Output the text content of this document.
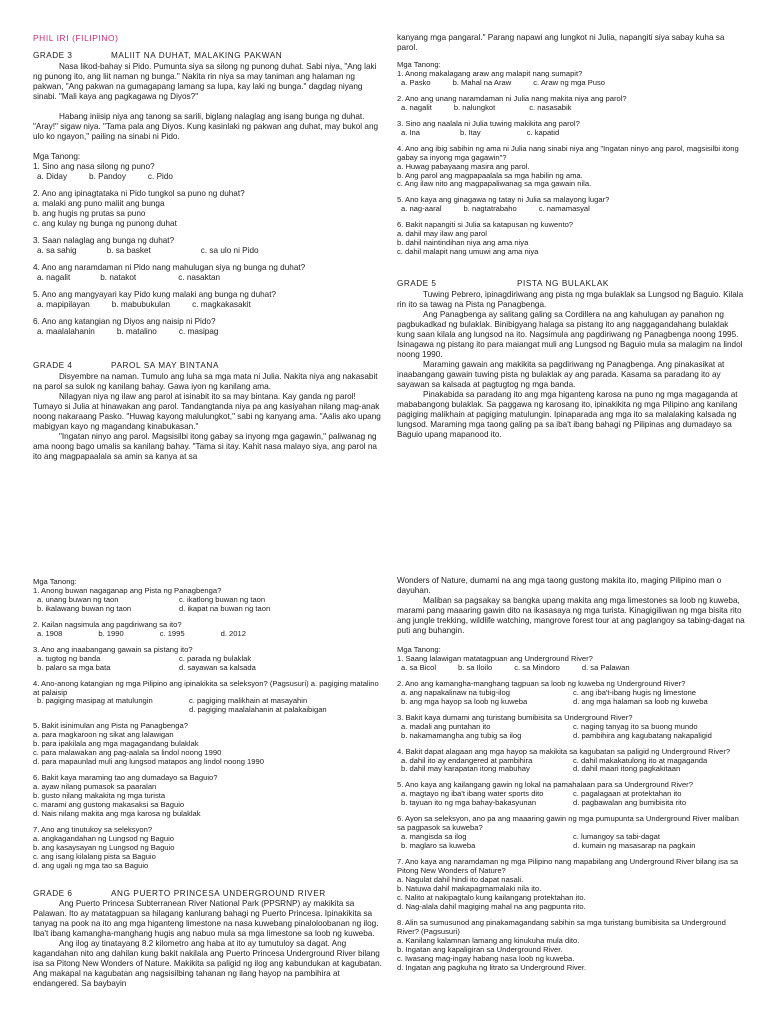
PHIL IRI (FILIPINO)
GRADE 3	MALIIT NA DUHAT, MALAKING PAKWAN

Nasa likod-bahay si Pido. Pumunta siya sa silong ng punong duhat. Sabi niya, "Ang laki ng punong ito, ang liit naman ng bunga." Nakita rin niya sa may taniman ang halaman ng pakwan, "Ang pakwan na gumagapang lamang sa lupa, kay laki ng bunga." dagdag niyang sinabi. "Mali kaya ang pagkagawa ng Diyos?"

Habang iniisip niya ang tanong sa sarili, biglang nalaglag ang isang bunga ng duhat. "Aray!" sigaw niya. "Tama pala ang Diyos. Kung kasinlaki ng pakwan ang duhat, may bukol ang ulo ko ngayon," pailing na sinabi ni Pido.

Mga Tanong:

1. Sino ang nasa silong ng puno?

a. Diday	b. Pandoy	c. Pido

2. Ano ang ipinagtataka ni Pido tungkol sa puno ng duhat?

a. malaki ang puno maliit ang bunga

b. ang hugis ng prutas sa puno

c. ang kulay ng bunga ng punong duhat

3. Saan nalaglag ang bunga ng duhat?

a. sa sahig	b. sa basket	c. sa ulo ni Pido

4. Ano ang naramdaman ni Pido nang mahulugan siya ng bunga ng duhat?

a. nagalit	b. natakot	c. nasaktan

5. Ano ang mangyayari kay Pido kung malaki ang bunga ng duhat?

a. mapipilayan	b. mabubukulan	c. magkakasakit

6. Ano ang katangian ng Diyos ang naisip ni Pido?

a. maalalahanin	b. matalino	c. masipag
GRADE 4	PAROL SA MAY BINTANA

Disyembre na naman. Tumulo ang luha sa mga mata ni Julia. Nakita niya ang nakasabit na parol sa sulok ng kanilang bahay. Gawa iyon ng kanilang ama.

Nilagyan niya ng ilaw ang parol at isinabit ito sa may bintana. Kay ganda ng parol! Tumayo si Julia at hinawakan ang parol. Tandangtanda niya pa ang kasiyahan nilang mag-anak noong nakaraang Pasko. "Huwag kayong malulungkot," sabi ng kanyang ama. "Aalis ako upang mabigyan kayo ng magandang kinabukasan."

"Ingatan ninyo ang parol. Magsisilbi itong gabay sa inyong mga gagawin," paliwanag ng ama noong bago umalis sa kanilang bahay. "Tama si itay. Kahit nasa malayo siya, ang parol na ito ang magpapaalala sa amin sa kanya at sa

kanyang mga pangaral." Parang napawi ang lungkot ni Julia, napangiti siya sabay kuha sa parol.

Mga Tanong:

1. Anong makalagang araw ang malapit nang sumapit?

a. Pasko	b. Mahal na Araw	c. Araw ng mga Puso

2. Ano ang unang naramdaman ni Julia nang makita niya ang parol?

a. nagalit	b. nalungkot	c. nasasabik

3. Sino ang naalala ni Julia tuwing makikita ang parol?

a. Ina	b. Itay	c. kapatid

4. Ano ang ibig sabihin ng ama ni Julia nang sinabi niya ang "Ingatan ninyo ang parol, magsisilbi itong gabay sa inyong mga gagawin"?

a. Huwag pabayaang masira ang parol.

b. Ang parol ang magpapaalala sa mga habilin ng ama.

c. Ang ilaw nito ang magpapaliwanag sa mga gawain nila.

5. Ano kaya ang ginagawa ng tatay ni Julia sa malayong lugar?

a. nag-aaral	b. nagtatrabaho	c. namamasyal

6. Bakit napangiti si Julia sa katapusan ng kuwento?

a. dahil may ilaw ang parol

b. dahil naintindihan niya ang ama niya

c. dahil malapit nang umuwi ang ama niya

GRADE 5	PISTA NG BULAKLAK

Tuwing Pebrero, ipinagdiriwang ang pista ng mga bulaklak sa Lungsod ng Baguio. Kilala rin ito sa tawag na Pista ng Panagbenga.

Ang Panagbenga ay salitang galing sa Cordillera na ang kahulugan ay panahon ng pagbukadkad ng bulaklak. Binibigyang halaga sa pistang ito ang naggagandahang bulaklak kung saan kilala ang lungsod na ito. Nagsimula ang pagdiriwang ng Panagbenga noong 1995. Isinagawa ng pistang ito para maiangat muli ang Lungsod ng Baguio mula sa malagim na lindol noong 1990.

Maraming gawain ang makikita sa pagdiriwang ng Panagbenga. Ang pinakasikat at inaabangang gawain tuwing pista ng bulaklak ay ang parada. Kasama sa paradang ito ay sayawan sa kalsada at pagtugtog ng mga banda.

Pinakabida sa paradang ito ang mga higanteng karosa na puno ng mga magaganda at mababangong bulaklak. Sa paggawa ng karosang ito, ipinakikita ng mga Pilipino ang kanilang pagiging malikhain at pagiging matulungin. Ipinaparada ang mga ito sa malalaking kalsada ng lungsod. Maraming mga taong galing pa sa iba't ibang bahagi ng Pilipinas ang dumadayo sa Baguio upang mapanood ito.

Mga Tanong:

1. Anong buwan nagaganap ang Pista ng Panagbenga?

a. unang buwan ng taon	c. ikatlong buwan ng taon
b. ikalawang buwan ng taon	d. ikapat na buwan ng taon

2. Kailan nagsimula ang pagdiriwang sa ito?

a. 1908	b. 1990	c. 1995	d. 2012

3. Ano ang inaabangang gawain sa pistang ito?

a. tugtog ng banda	c. parada ng bulaklak
b. palaro sa mga bata	d. sayawan sa kalsada

4. Ano-anong katangian ng mga Pilipino ang ipinakikita sa seleksyon? (Pagsusuri) a. pagiging matalino at palaisip

b. pagiging masipag at matulungin	c. pagiging malikhain at masayahin
d. pagiging maalalahanin at palakaibigan

5. Bakit isinimulan ang Pista ng Panagbenga?

a. para magkaroon ng sikat ang lalawigan

b. para ipakilala ang mga magagandang bulaklak

c. para malawakan ang pag-aalala sa lindol noong 1990

d. para mapaunlad muli ang lungsod matapos ang lindol noong 1990

6. Bakit kaya maraming tao ang dumadayo sa Baguio?

a. ayaw nilang pumasok sa paaralan

b. gusto nilang makakita ng mga turista

c. marami ang gustong makasaksi sa Baguio

d. Nais nilang makita ang mga karosa ng bulaklak

7. Ano ang tinutukoy sa seleksyon?

a. angkagandahan ng Lungsod ng Baguio

b. ang kasaysayan ng Lungsod ng Baguio

c. ang isang kilalang pista sa Baguio

d. ang ugali ng mga tao sa Baguio

GRADE 6	ANG PUERTO PRINCESA UNDERGROUND RIVER

Ang Puerto Princesa Subterranean River National Park (PPSRNP) ay makikita sa Palawan. Ito ay matatagpuan sa hilagang kanlurang bahagi ng Puerto Princesa. Ipinakikita sa tanyag na pook na ito ang mga higanteng limestone na nasa kuwebang pinaloloobanan ng ilog. Iba't ibang kamangha-manghang hugis ang nabuo mula sa mga limestone sa loob ng kuweba.

Ang ilog ay tinatayang 8.2 kilometro ang haba at ito ay tumutuloy sa dagat. Ang kagandahan nito ang dahilan kung bakit nakilala ang Puerto Princesa Underground River bilang isa sa Pitong New Wonders of Nature. Makikita sa paligid ng ilog ang kabundukan at kagubatan. Ang makapal na kagubatan ang nagsisilbing tahanan ng ilang hayop na pambihira at endangered. Sa baybayin

Wonders of Nature, dumami na ang mga taong gustong makita ito, maging Pilipino man o dayuhan.

Maliban sa pagsakay sa bangka upang makita ang mga limestones sa loob ng kuweba, marami pang maaaring gawin dito na ikasasaya ng mga turista. Kinagigiliwan ng mga bisita rito ang jungle trekking, wildlife watching, mangrove forest tour at ang paglangoy sa tabing-dagat na puti ang buhangin.

Mga Tanong:

1. Saang lalawigan matatagpuan ang Underground River?

a. sa Bicol	b. sa Iloilo	c. sa Mindoro	d. sa Palawan

2. Ano ang kamangha-manghang tagpuan sa loob ng kuweba ng Underground River?

a. ang napakalinaw na tubig-ilog	c. ang iba't-ibang hugis ng limestone
b. ang mga hayop sa loob ng kuweba	d. ang mga halaman sa loob ng kuweba

3. Bakit kaya dumami ang turistang bumibisita sa Underground River?

a. madali ang puntahan ito	c. naging tanyag ito sa buong mundo
b. nakamamangha ang tubig sa ilog	d. pambihira ang kagubatang nakapaligid

4. Bakit dapat alagaan ang mga hayop sa makikita sa kagubatan sa paligid ng Underground River?

a. dahil ito ay endangered at pambihira	c. dahil makakatulong ito at magaganda
b. dahil may karapatan itong mabuhay	d. dahil maari itong pagkakitaan

5. Ano kaya ang kailangang gawin ng lokal na pamahalaan para sa Underground River?

a. magtayo ng iba't ibang water sports dito	c. pagalagaan at protektahan ito
b. tayuan ito ng mga bahay-bakasyunan	d. pagbawalan ang bumibisita rito

6. Ayon sa seleksyon, ano pa ang maaaring gawin ng mga pumupunta sa Underground River maliban sa pagpasok sa kuweba?

a. mangisda sa ilog	c. lumangoy sa tabi-dagat
b. maglaro sa kuweba	d. kumain ng masasarap na pagkain

7. Ano kaya ang naramdaman ng mga Pilipino nang mapabilang ang Underground River bilang isa sa Pitong New Wonders of Nature?

a. Nagulat dahil hindi ito dapat nasali.

b. Natuwa dahil makapagmamalaki nila ito.

c. Nalito at nakipagtalo kung kailangang protektahan ito.

d. Nag-alala dahil magiging mahal na ang pagpunta rito.

8. Alin sa sumusunod ang pinakamagandang sabihin sa mga turistang bumibisita sa Underground River? (Pagsusuri)

a. Kanilang kalamnan lamang ang kinukuha mula dito.

b. Ingatan ang kapaligiran sa Underground River.

c. Iwasang mag-ingay habang nasa loob ng kuweba.

d. Ingatan ang pagkuha ng litrato sa Underground River.
